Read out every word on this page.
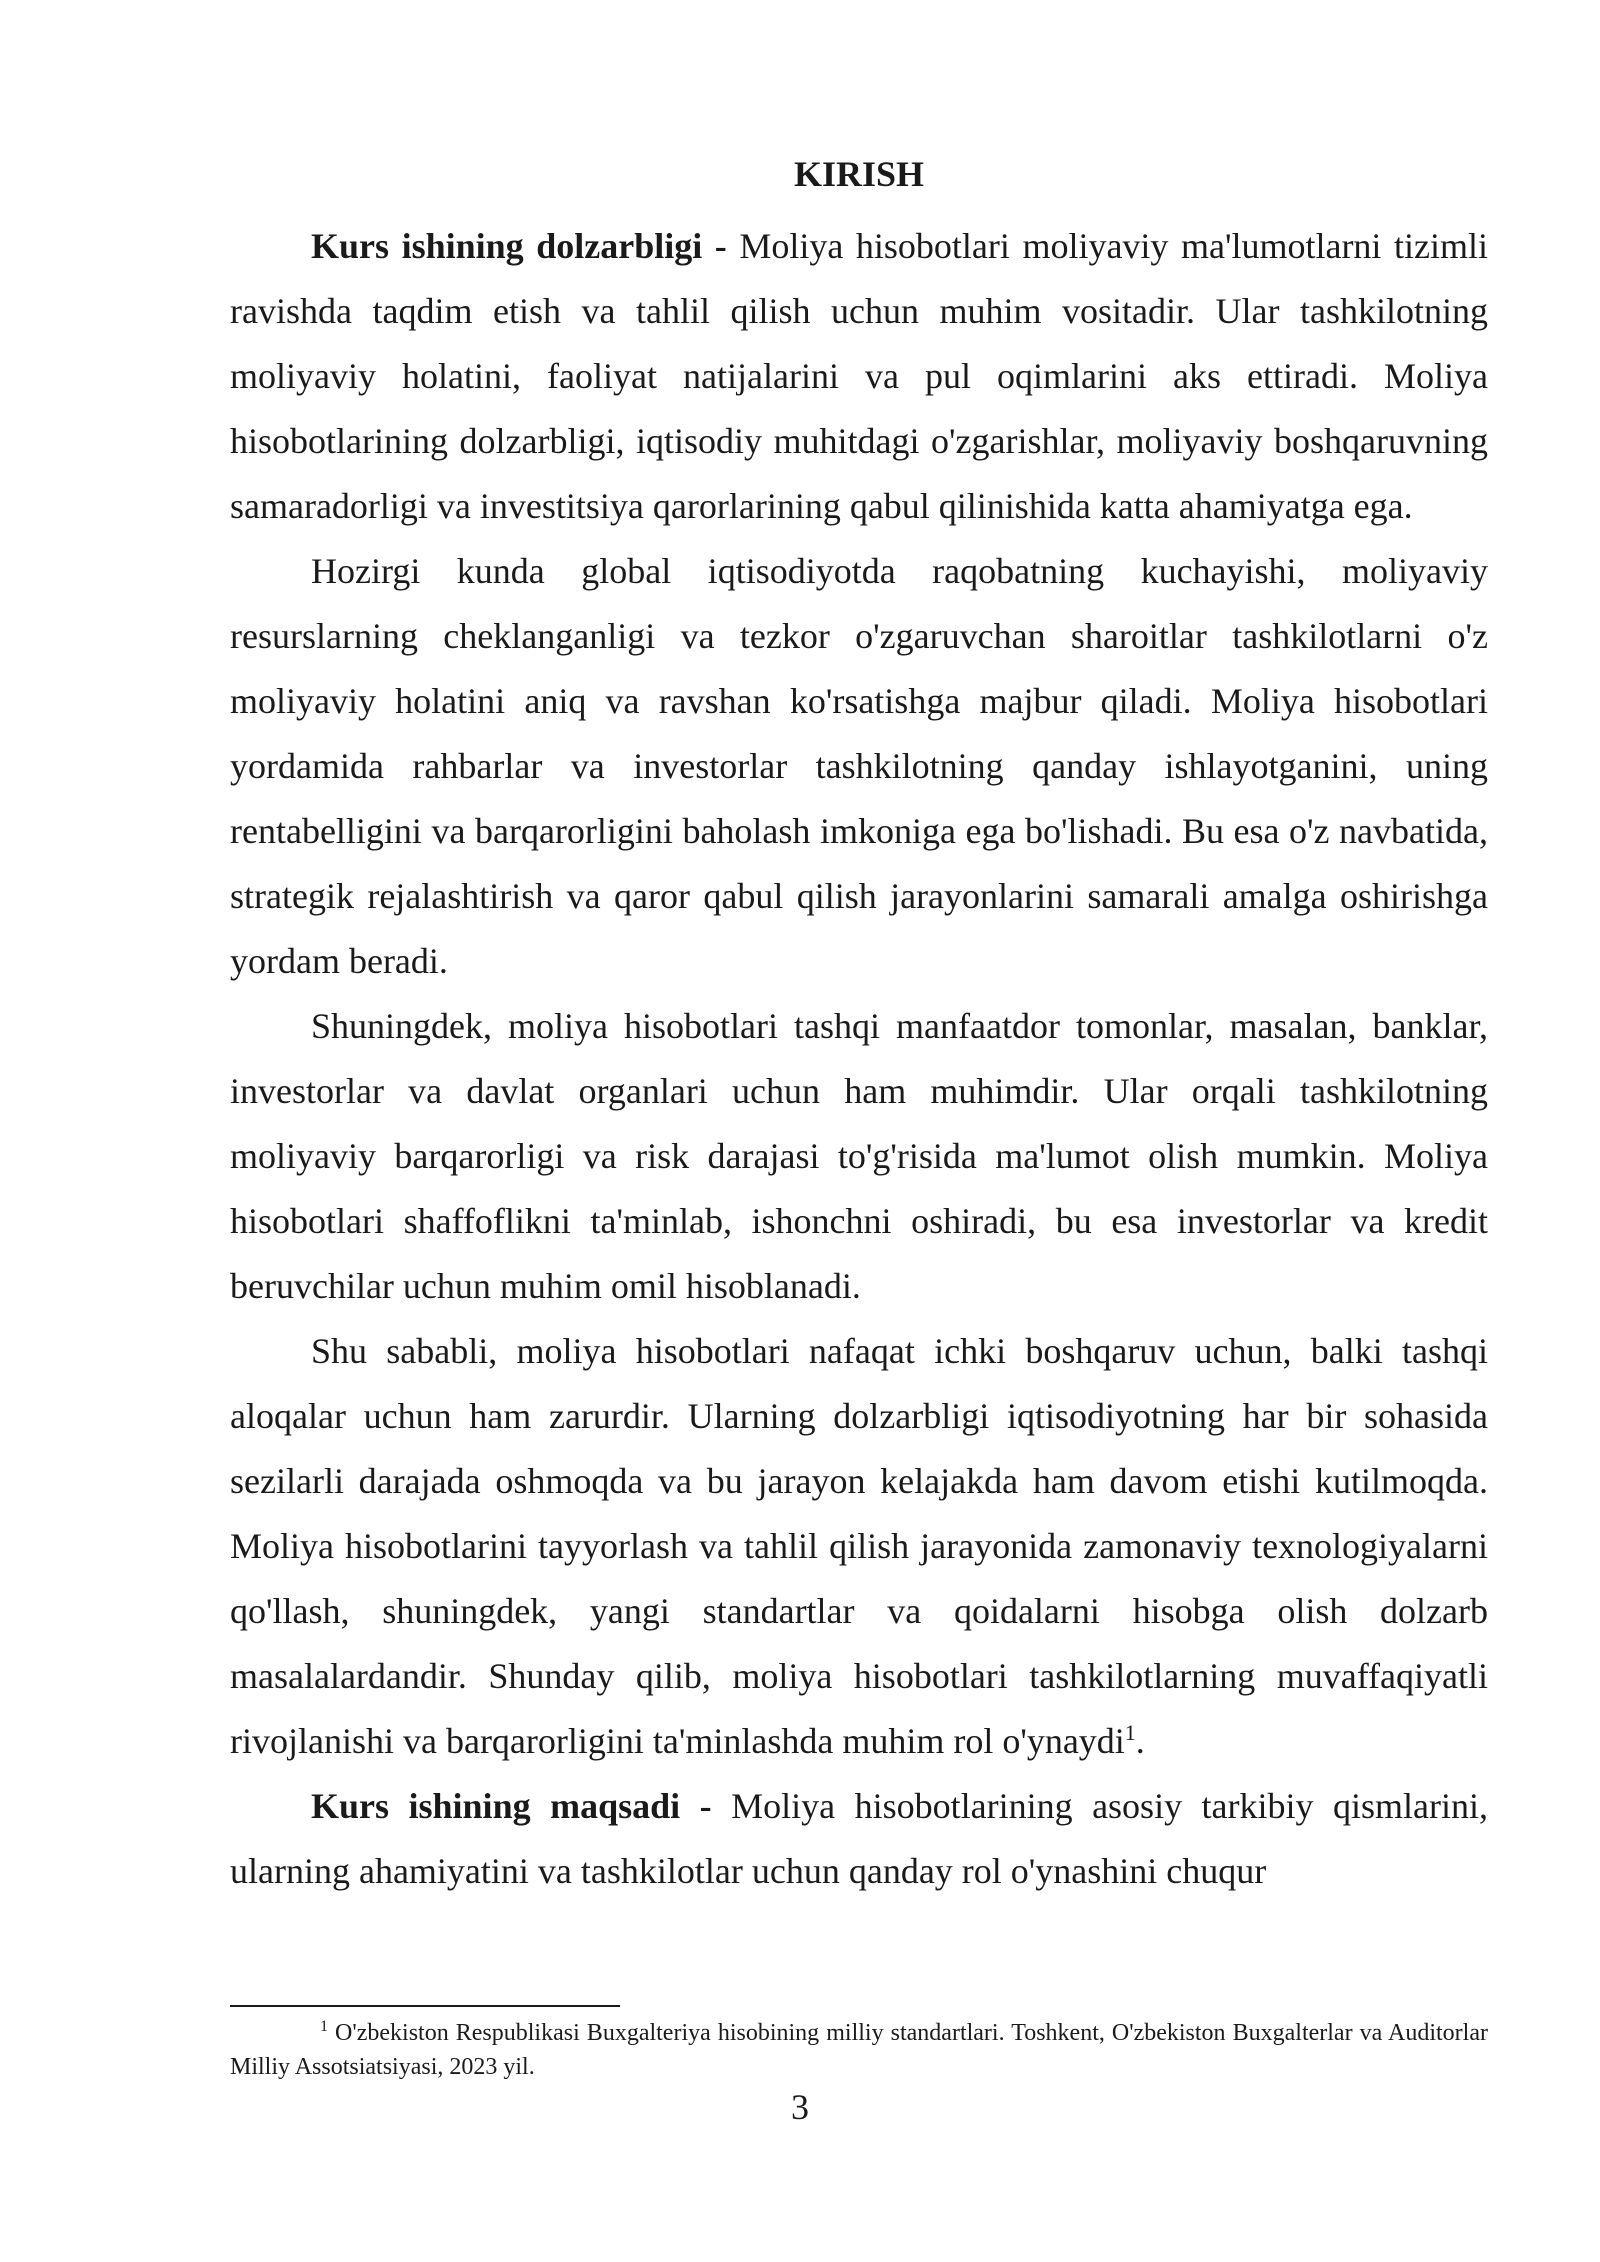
KIRISH

Kurs ishining dolzarbligi - Moliya hisobotlari moliyaviy ma'lumotlarni tizimli ravishda taqdim etish va tahlil qilish uchun muhim vositadir. Ular tashkilotning moliyaviy holatini, faoliyat natijalarini va pul oqimlarini aks ettiradi. Moliya hisobotlarining dolzarbligi, iqtisodiy muhitdagi o'zgarishlar, moliyaviy boshqaruvning samaradorligi va investitsiya qarorlarining qabul qilinishida katta ahamiyatga ega.

Hozirgi kunda global iqtisodiyotda raqobatning kuchayishi, moliyaviy resurslarning cheklanganligi va tezkor o'zgaruvchan sharoitlar tashkilotlarni o'z moliyaviy holatini aniq va ravshan ko'rsatishga majbur qiladi. Moliya hisobotlari yordamida rahbarlar va investorlar tashkilotning qanday ishlayotganini, uning rentabelligini va barqarorligini baholash imkoniga ega bo'lishadi. Bu esa o'z navbatida, strategik rejalashtirish va qaror qabul qilish jarayonlarini samarali amalga oshirishga yordam beradi.

Shuningdek, moliya hisobotlari tashqi manfaatdor tomonlar, masalan, banklar, investorlar va davlat organlari uchun ham muhimdir. Ular orqali tashkilotning moliyaviy barqarorligi va risk darajasi to'g'risida ma'lumot olish mumkin. Moliya hisobotlari shaffoflikni ta'minlab, ishonchni oshiradi, bu esa investorlar va kredit beruvchilar uchun muhim omil hisoblanadi.

Shu sababli, moliya hisobotlari nafaqat ichki boshqaruv uchun, balki tashqi aloqalar uchun ham zarurdir. Ularning dolzarbligi iqtisodiyotning har bir sohasida sezilarli darajada oshmoqda va bu jarayon kelajakda ham davom etishi kutilmoqda. Moliya hisobotlarini tayyorlash va tahlil qilish jarayonida zamonaviy texnologiyalarni qo'llash, shuningdek, yangi standartlar va qoidalarni hisobga olish dolzarb masalalardandir. Shunday qilib, moliya hisobotlari tashkilotlarning muvaffaqiyatli rivojlanishi va barqarorligini ta'minlashda muhim rol o'ynaydi$^1$.

Kurs ishining maqsadi - Moliya hisobotlarining asosiy tarkibiy qismlarini, ularning ahamiyatini va tashkilotlar uchun qanday rol o'ynashini chuqur

$^1$ O'zbekiston Respublikasi Buxgalteriya hisobining milliy standartlari. Toshkent, O'zbekiston Buxgalterlar va Auditorlar Milliy Assotsiatsiyasi, 2023 yil.

3
